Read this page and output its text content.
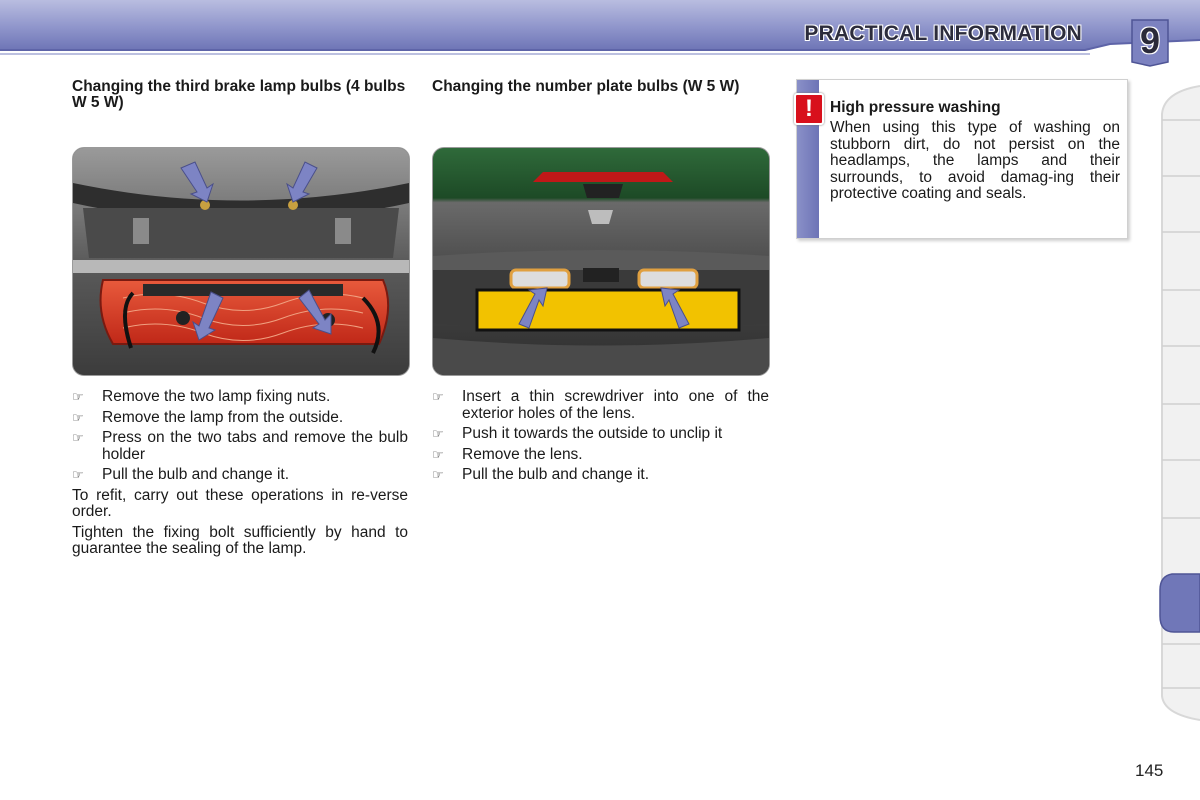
PRACTICAL INFORMATION	9
Changing the third brake lamp bulbs (4 bulbs W 5 W)
☞ Remove the two lamp fixing nuts.
☞ Remove the lamp from the outside.
☞ Press on the two tabs and remove the bulb holder
☞ Pull the bulb and change it.

To refit, carry out these operations in re-verse order.

Tighten the fixing bolt sufficiently by hand to guarantee the sealing of the lamp.

Changing the number plate bulbs (W 5 W)
☞ Insert a thin screwdriver into one of the exterior holes of the lens.
☞ Push it towards the outside to unclip it
☞ Remove the lens.
☞ Pull the bulb and change it.
High pressure washing
When using this type of washing on stubborn dirt, do not persist on the headlamps, the lamps and their surrounds, to avoid damag-ing their protective coating and seals.
!
145
